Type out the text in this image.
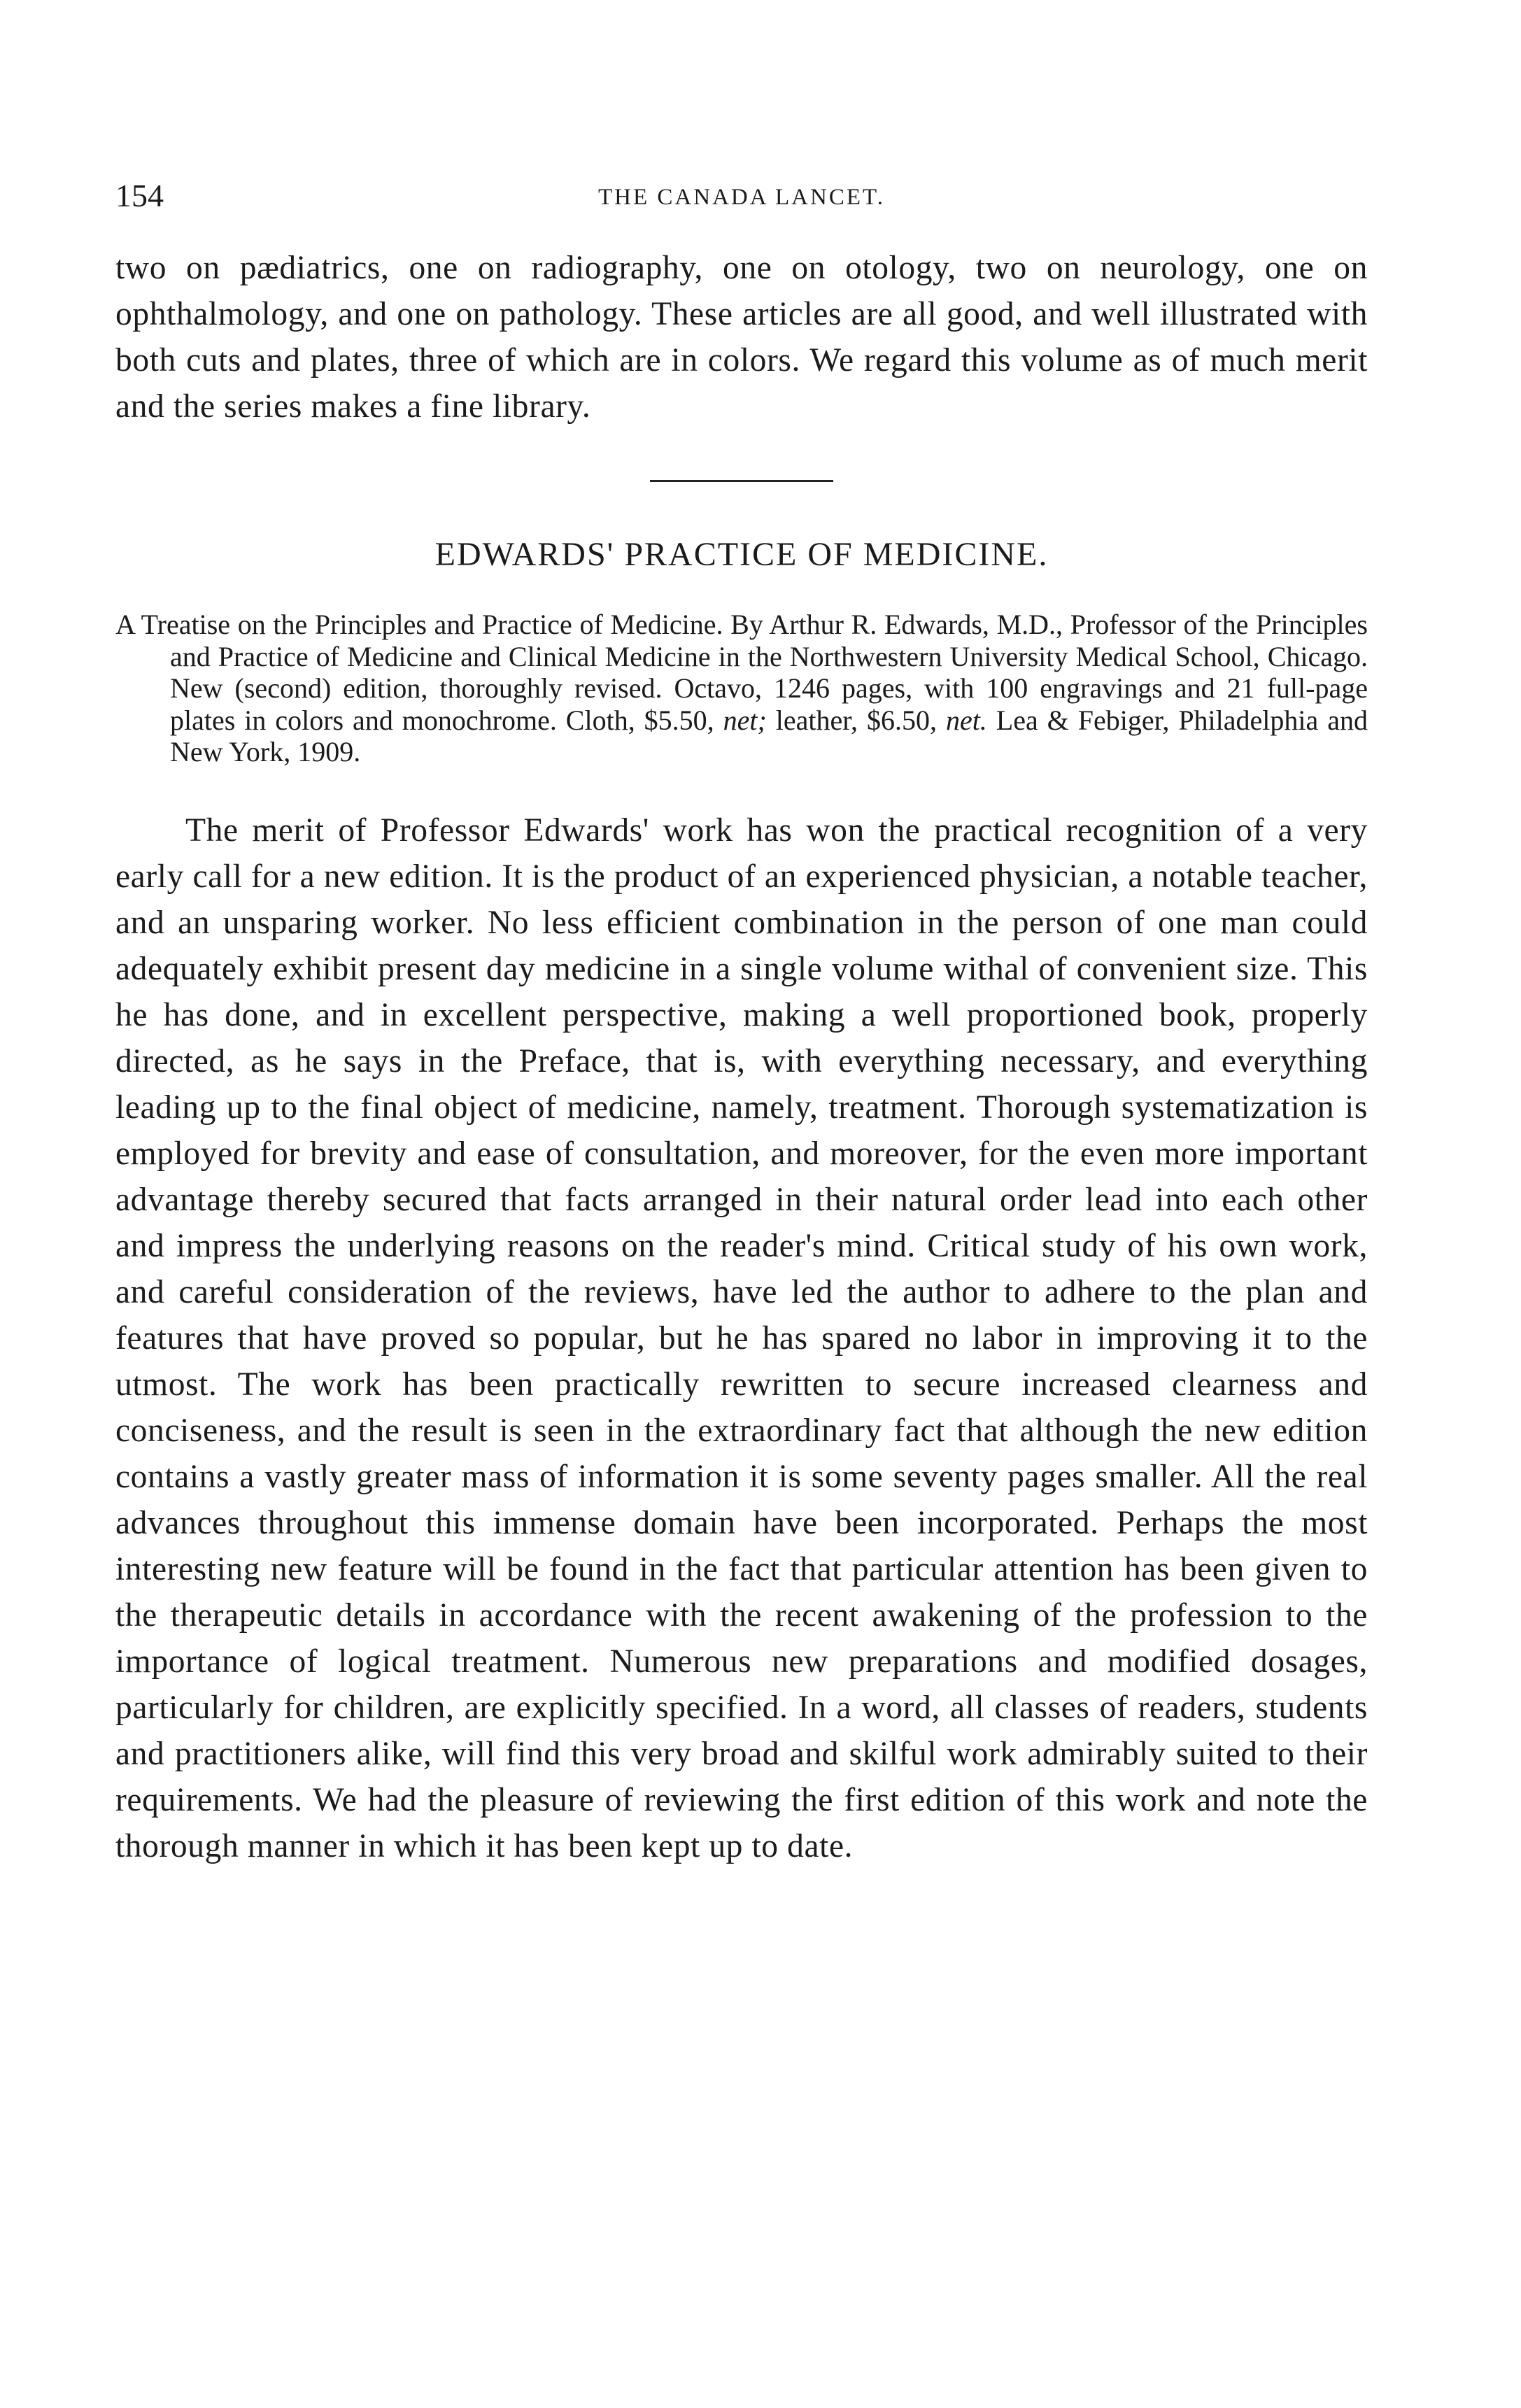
154	THE CANADA LANCET.

two on pædiatrics, one on radiography, one on otology, two on neurology, one on ophthalmology, and one on pathology. These articles are all good, and well illustrated with both cuts and plates, three of which are in colors. We regard this volume as of much merit and the series makes a fine library.

EDWARDS' PRACTICE OF MEDICINE.

A Treatise on the Principles and Practice of Medicine. By Arthur R. Edwards, M.D., Professor of the Principles and Practice of Medicine and Clinical Medicine in the Northwestern University Medical School, Chicago. New (second) edition, thoroughly revised. Octavo, 1246 pages, with 100 engravings and 21 full-page plates in colors and monochrome. Cloth, $5.50, net; leather, $6.50, net. Lea & Febiger, Philadelphia and New York, 1909.

The merit of Professor Edwards' work has won the practical recognition of a very early call for a new edition. It is the product of an experienced physician, a notable teacher, and an unsparing worker. No less efficient combination in the person of one man could adequately exhibit present day medicine in a single volume withal of convenient size. This he has done, and in excellent perspective, making a well proportioned book, properly directed, as he says in the Preface, that is, with everything necessary, and everything leading up to the final object of medicine, namely, treatment. Thorough systematization is employed for brevity and ease of consultation, and moreover, for the even more important advantage thereby secured that facts arranged in their natural order lead into each other and impress the underlying reasons on the reader's mind. Critical study of his own work, and careful consideration of the reviews, have led the author to adhere to the plan and features that have proved so popular, but he has spared no labor in improving it to the utmost. The work has been practically rewritten to secure increased clearness and conciseness, and the result is seen in the extraordinary fact that although the new edition contains a vastly greater mass of information it is some seventy pages smaller. All the real advances throughout this immense domain have been incorporated. Perhaps the most interesting new feature will be found in the fact that particular attention has been given to the therapeutic details in accordance with the recent awakening of the profession to the importance of logical treatment. Numerous new preparations and modified dosages, particularly for children, are explicitly specified. In a word, all classes of readers, students and practitioners alike, will find this very broad and skilful work admirably suited to their requirements. We had the pleasure of reviewing the first edition of this work and note the thorough manner in which it has been kept up to date.
